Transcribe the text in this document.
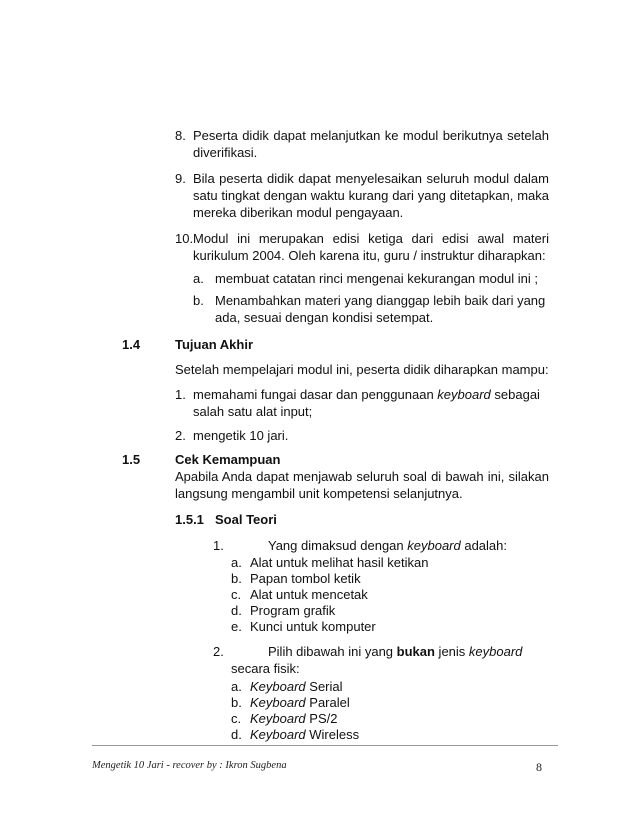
8. Peserta didik dapat melanjutkan ke modul berikutnya setelah
diverifikasi.
9. Bila peserta didik dapat menyelesaikan seluruh modul dalam
satu tingkat dengan waktu kurang dari yang ditetapkan, maka
mereka diberikan modul pengayaan.
10. Modul ini merupakan edisi ketiga dari edisi awal materi
kurikulum 2004. Oleh karena itu, guru / instruktur diharapkan:
a. membuat catatan rinci mengenai kekurangan modul ini ;
b. Menambahkan materi yang dianggap lebih baik dari yang
ada, sesuai dengan kondisi setempat.
1.4	Tujuan Akhir
Setelah mempelajari modul ini, peserta didik diharapkan mampu:
1. memahami fungai dasar dan penggunaan keyboard sebagai
salah satu alat input;
2. mengetik 10 jari.
1.5	Cek Kemampuan
Apabila Anda dapat menjawab seluruh soal di bawah ini, silakan
langsung mengambil unit kompetensi selanjutnya.
1.5.1 Soal Teori
1.	Yang dimaksud dengan keyboard adalah:
a. Alat untuk melihat hasil ketikan
b. Papan tombol ketik
c. Alat untuk mencetak
d. Program grafik
e. Kunci untuk komputer
2.	Pilih dibawah ini yang bukan jenis keyboard
secara fisik:
a. Keyboard Serial
b. Keyboard Paralel
c. Keyboard PS/2
d. Keyboard Wireless
Mengetik 10 Jari - recover by : Ikron Sugbena	8
